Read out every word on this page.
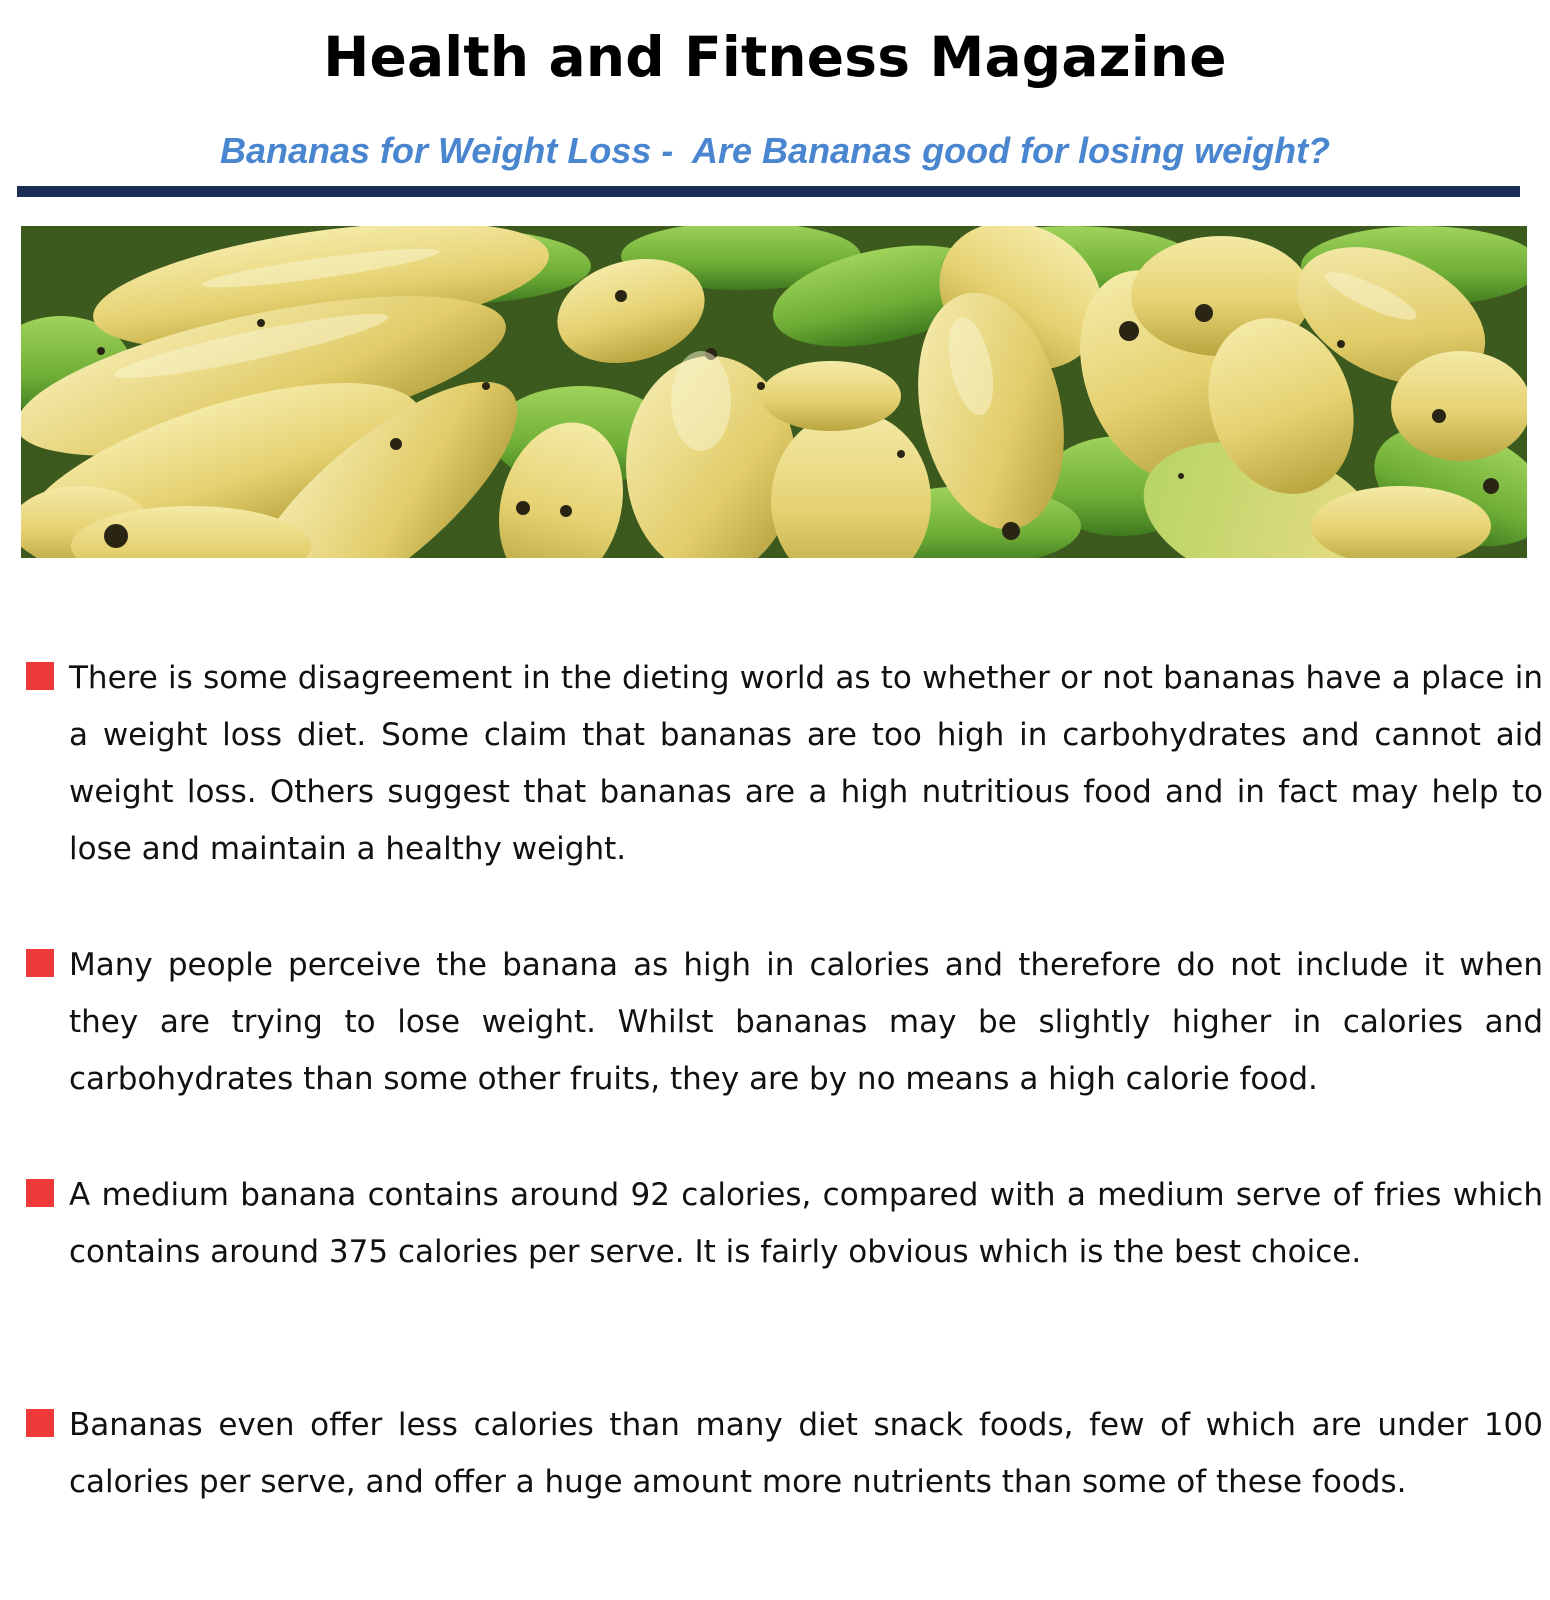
Health and Fitness Magazine
Bananas for Weight Loss -  Are Bananas good for losing weight?

There is some disagreement in the dieting world as to whether or not bananas have a place in a weight loss diet. Some claim that bananas are too high in carbohydrates and cannot aid weight loss. Others suggest that bananas are a high nutritious food and in fact may help to lose and maintain a healthy weight.

Many people perceive the banana as high in calories and therefore do not include it when they are trying to lose weight. Whilst bananas may be slightly higher in calories and carbohydrates than some other fruits, they are by no means a high calorie food.

A medium banana contains around 92 calories, compared with a medium serve of fries which contains around 375 calories per serve. It is fairly obvious which is the best choice.

Bananas even offer less calories than many diet snack foods, few of which are under 100 calories per serve, and offer a huge amount more nutrients than some of these foods.
